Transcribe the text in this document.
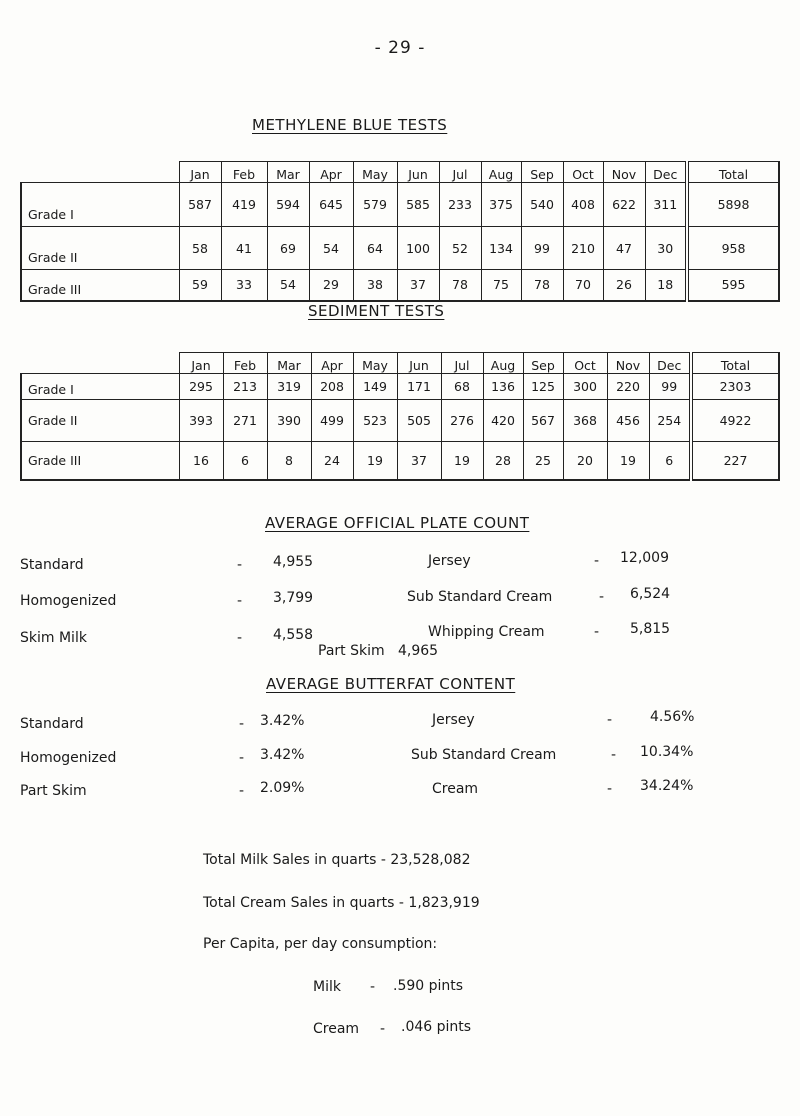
- 29 -
METHYLENE BLUE TESTS
	Jan	Feb	Mar	Apr	May	Jun	Jul	Aug	Sep	Oct	Nov	Dec	Total
Grade I	587	419	594	645	579	585	233	375	540	408	622	311	5898
Grade II	58	41	69	54	64	100	52	134	99	210	47	30	958
Grade III	59	33	54	29	38	37	78	75	78	70	26	18	595
SEDIMENT TESTS
	Jan	Feb	Mar	Apr	May	Jun	Jul	Aug	Sep	Oct	Nov	Dec	Total
Grade I	295	213	319	208	149	171	68	136	125	300	220	99	2303
Grade II	393	271	390	499	523	505	276	420	567	368	456	254	4922
Grade III	16	6	8	24	19	37	19	28	25	20	19	6	227
AVERAGE OFFICIAL PLATE COUNT
Standard	- 4,955	Jersey	- 12,009
Homogenized	- 3,799	Sub Standard Cream	- 6,524
Skim Milk	- 4,558	Whipping Cream	- 5,815
Part Skim 4,965
AVERAGE BUTTERFAT CONTENT
Standard	- 3.42%	Jersey	-	4.56%
Homogenized	- 3.42%	Sub Standard Cream	- 10.34%
Part Skim	- 2.09%	Cream	- 34.24%
Total Milk Sales in quarts - 23,528,082
Total Cream Sales in quarts - 1,823,919
Per Capita, per day consumption:
Milk - .590 pints
Cream - .046 pints
